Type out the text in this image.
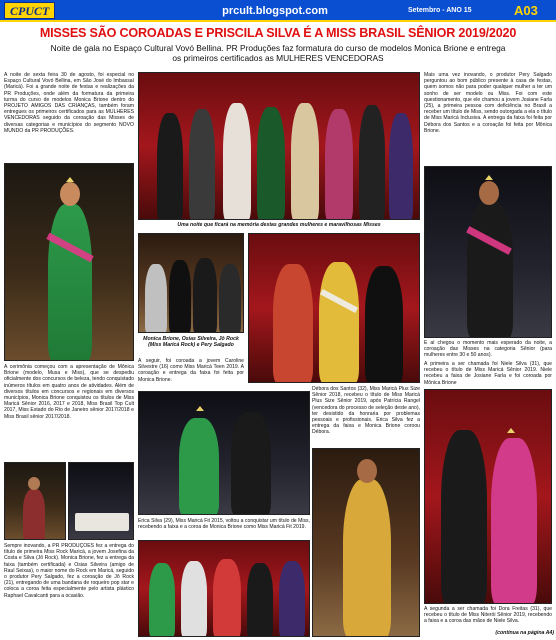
CPUCT	prcult.blogspot.com	Setembro - ANO 15	A03
MISSES SÃO COROADAS E PRISCILA SILVA É A MISS BRASIL SÊNIOR 2019/2020
Noite de gala no Espaço Cultural Vovó Bellina. PR Produções faz formatura do curso de modelos Monica Brione e entrega
os primeiros certificados as MULHERES VENCEDORAS
A noite de sexta feira 30 de agosto, foi especial no Espaço Cultural Vovó Bellina, em São José do Imbassaí (Maricá). Foi a grande noite de festas e realizações da PR Produções, onde além da formatura da primeira turma do curso de modelos Monica Brione dentro do PROJETO AMIGOS DAS CRIANÇAS, também foram entregues os primeiros certificados para as MULHERES VENCEDORAS seguido da coroação das Misses de diversas categorias e municípios do segmento NOVO MUNDO da PR PRODUÇÕES.
A cerimônia começou com a apresentação de Mônica Brione (modelo, Musa e Miss), que se despediu oficialmente dos concursos de beleza, tendo conquistado inúmeros títulos em quatro anos de atividades. Além de diversos títulos em concursos e regionais em diversos municípios, Monica Brione conquistou os títulos de Miss Maricá Sênior 2016, 2017 e 2018, Miss Brasil Top Cult 2017, Miss Estado do Rio de Janeiro sênior 2017/2018 e Miss Brasil sênior 2017/2018.
Sempre inovando, a PR PRODUÇÕES fez a entrega do título de primeira Miss Rock Maricá, a jovem Josefina da Costa e Silva (Jô Rock). Monica Brione, fez a entrega da faixa (também certificada) e Osias Silveira (amigo de Raul Seixas), o maior nome do Rock em Maricá, seguido o produtor Pery Salgado, fez a coroação de Jô Rock (21), entregando de uma bandana de roqueiro pop star e coloca a coroa feita especialmente pelo artista plástico Raphael Cavalcanti para a ocasião.
Uma noite que ficará na memória destas grandes mulheres e maravilhosas Misses
Monica Brione, Osias Silveira, Jô Rock (Miss Maricá Rock) e Pery Salgado
A seguir, foi coroada a jovem Caroline Silvestre (16) como Miss Maricá Teen 2019. A coroação e entrega da faixa foi feita por Monica Brione.
Débora dos Santos (32), Miss Maricá Plus Size Sênior 2018, recebeu o título de Miss Maricá Plus Size Sênior 2019, após Patrícia Rangel (vencedora do processo de seleção deste ano), ter desistido da honraria por problemas pessoais e profissionais. Erica Silva fez a entrega da faixa e Monica Brione coroou Débora.
Erica Silva (29), Miss Maricá Fit 2015, voltou a conquistar um título de Miss, recebendo a faixa e a coroa de Monica Brione como Miss Maricá Fit 2019.
Mais uma vez inovando, o produtor Pery Salgado perguntou ao bom público presente à casa de festas, quem somos não para poder qualquer mulher a ter um sonho de ser modelo ou Miss. Foi com este questionamento, que ele chamou a jovem Josiane Farla (25), a primeira pessoa com deficiência no Brasil a receber um título de Miss, sendo outorgada a ela o título de Miss Maricá Inclusiva. A entrega da faixa foi feita por Débora dos Santos e a coroação foi feita por Mônica Brione.
E aí chegou o momento mais esperado da noite, a coroação das Misses na categoria Sênior (para mulheres entre 30 e 50 anos).
A primeira a ser chamada foi Niele Silva (31), que recebeu o título de Miss Maricá Sênior 2019. Niele recebeu a faixa de Josiane Farla e foi coroada por Mônica Brione
A segunda a ser chamada foi Dora Freitas (31), que recebeu o título de Miss Niterói Sênior 2019, recebendo a faixa e a coroa das mãos de Niele Silva.
(continua na página A4)
